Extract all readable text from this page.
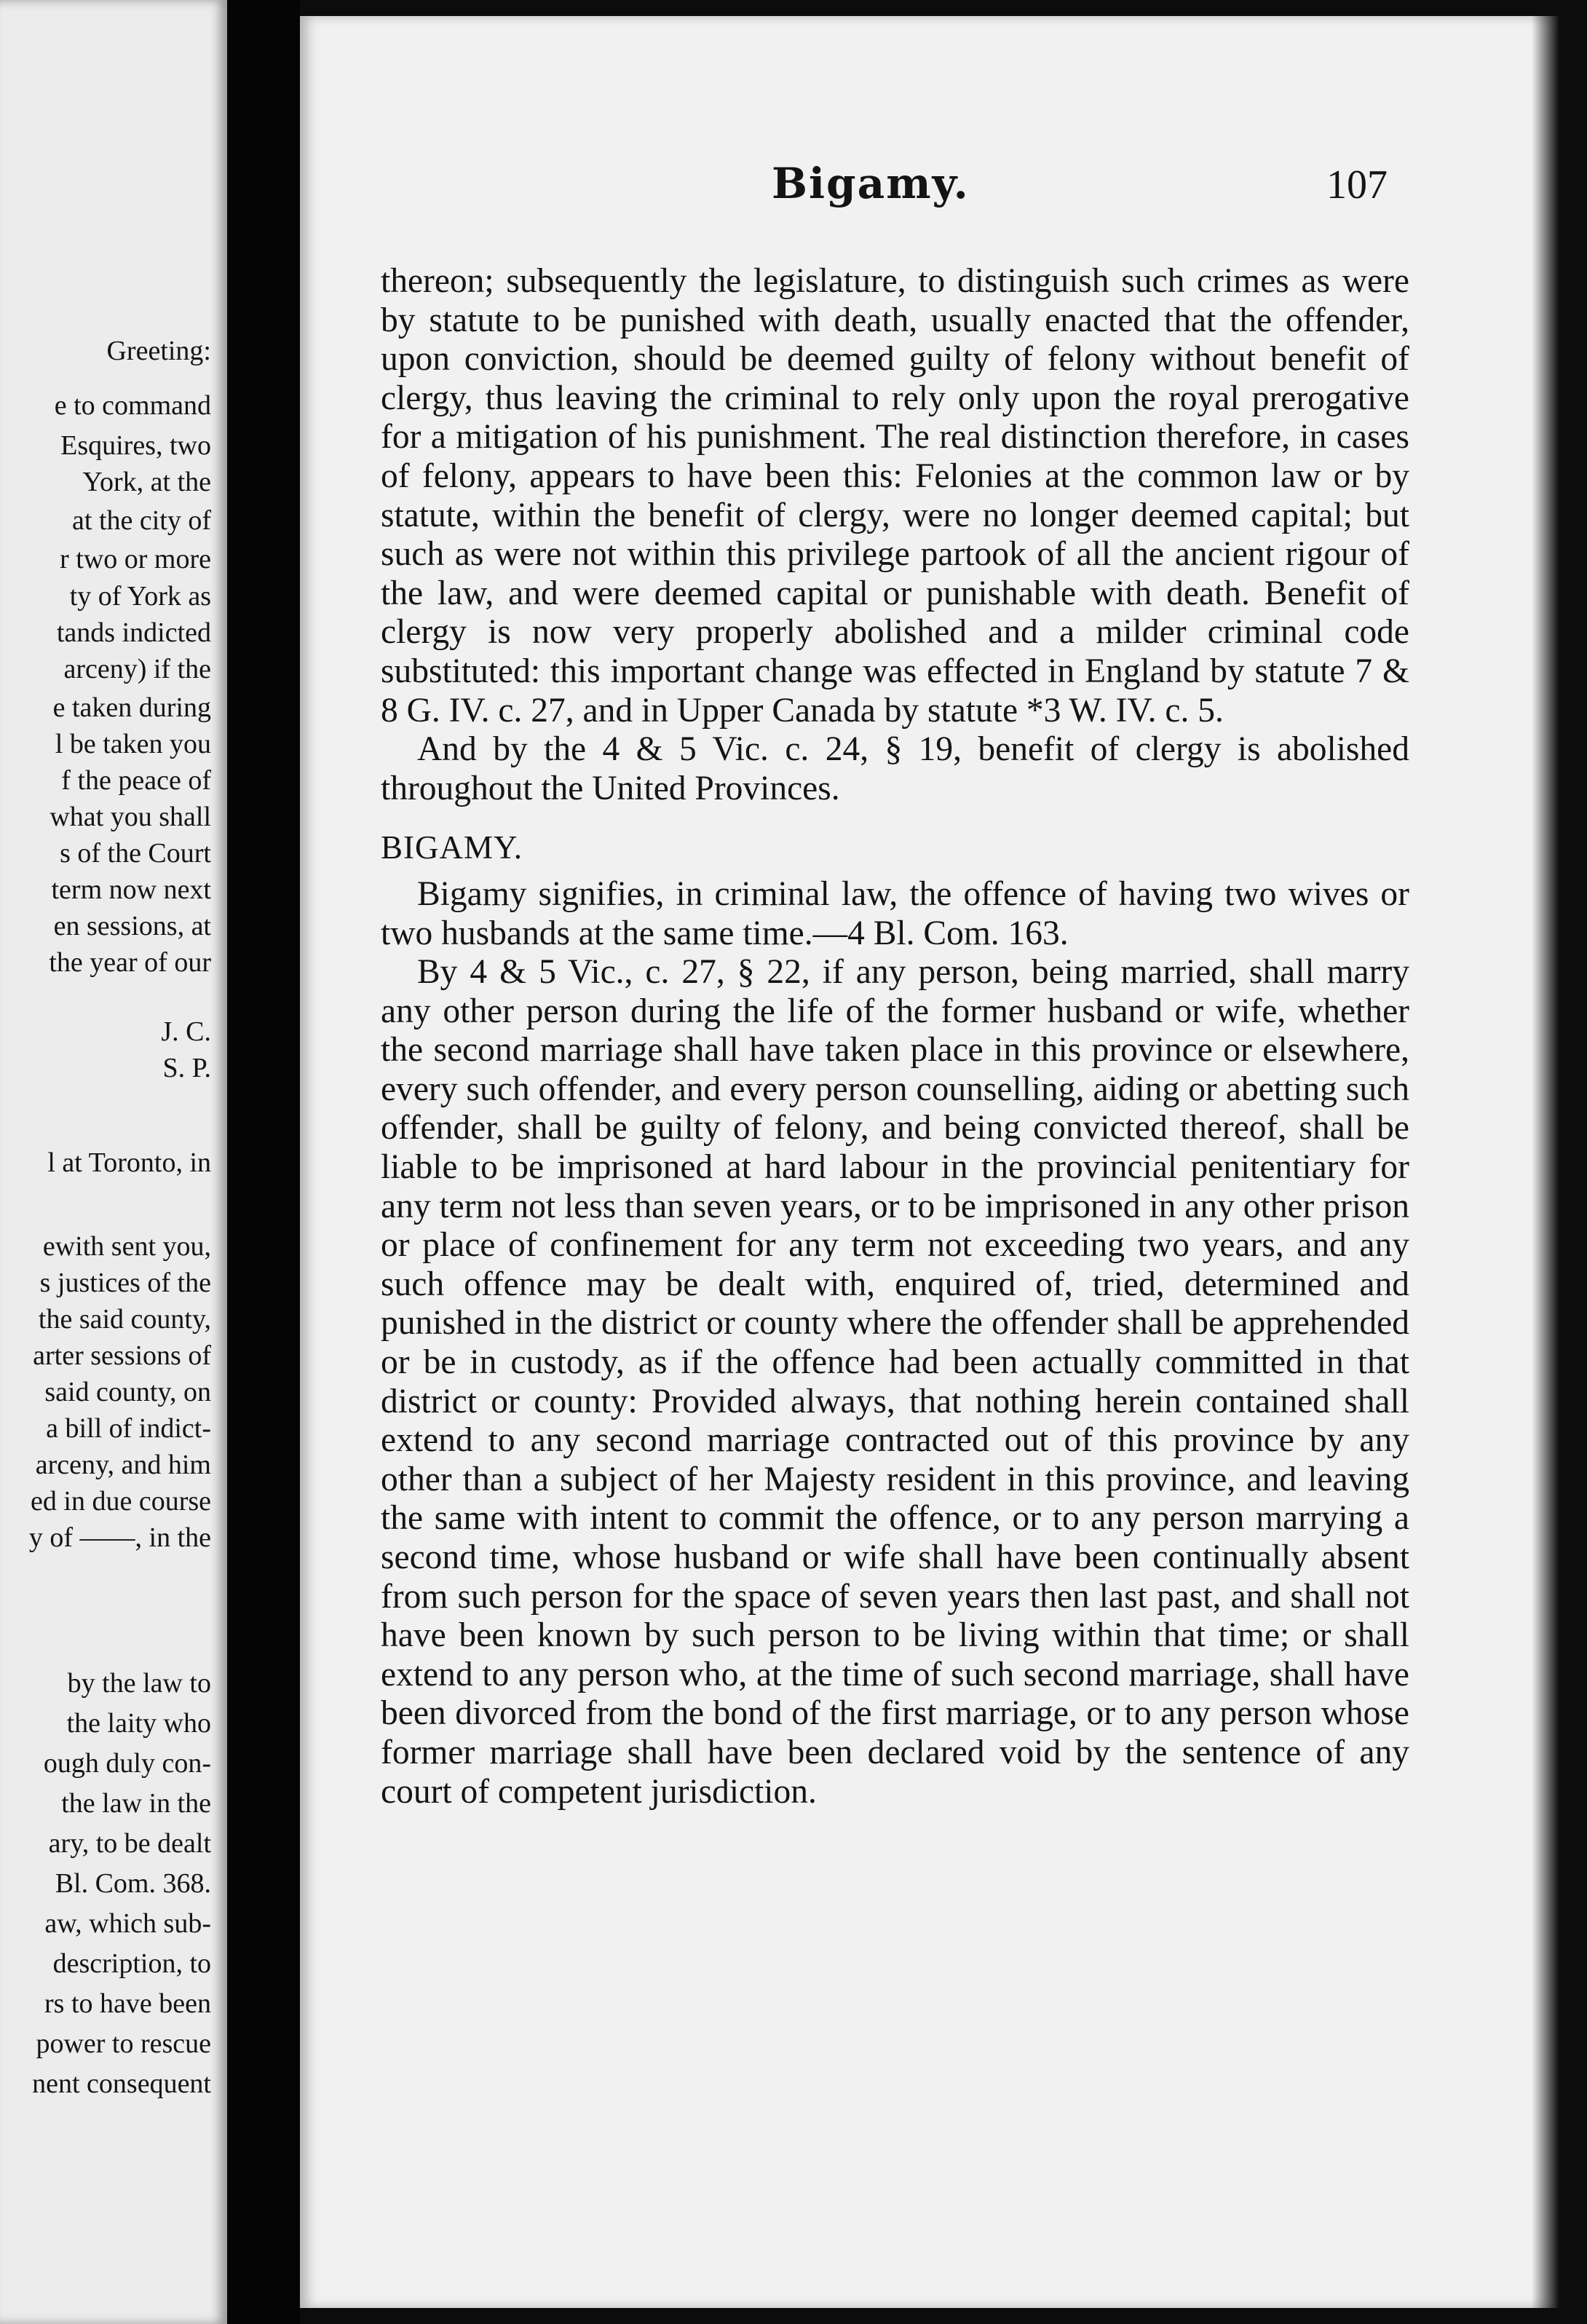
Greeting:
e to command
Esquires, two
York, at the
at the city of
r two or more
ty of York as
tands indicted
arceny) if the
e taken during
l be taken you
f the peace of
what you shall
s of the Court
term now next
en sessions, at
the year of our
J. C.
S. P.
l at Toronto, in
ewith sent you,
s justices of the
the said county,
arter sessions of
said county, on
a bill of indict-
arceny, and him
ed in due course
y of ——, in the
by the law to
the laity who
ough duly con-
the law in the
ary, to be dealt
Bl. Com. 368.
aw, which sub-
description, to
rs to have been
power to rescue
nent consequent
Bigamy.	107

thereon; subsequently the legislature, to distinguish such crimes as were by statute to be punished with death, usually enacted that the offender, upon conviction, should be deemed guilty of felony without benefit of clergy, thus leaving the criminal to rely only upon the royal prerogative for a mitigation of his punishment. The real distinction therefore, in cases of felony, appears to have been this: Felonies at the common law or by statute, within the benefit of clergy, were no longer deemed capital; but such as were not within this privilege partook of all the ancient rigour of the law, and were deemed capital or punishable with death. Benefit of clergy is now very properly abolished and a milder criminal code substituted: this important change was effected in England by statute 7 & 8 G. IV. c. 27, and in Upper Canada by statute *3 W. IV. c. 5.

And by the 4 & 5 Vic. c. 24, § 19, benefit of clergy is abolished throughout the United Provinces.

BIGAMY.

Bigamy signifies, in criminal law, the offence of having two wives or two husbands at the same time.—4 Bl. Com. 163.

By 4 & 5 Vic., c. 27, § 22, if any person, being married, shall marry any other person during the life of the former husband or wife, whether the second marriage shall have taken place in this province or elsewhere, every such offender, and every person counselling, aiding or abetting such offender, shall be guilty of felony, and being convicted thereof, shall be liable to be imprisoned at hard labour in the provincial penitentiary for any term not less than seven years, or to be imprisoned in any other prison or place of confinement for any term not exceeding two years, and any such offence may be dealt with, enquired of, tried, determined and punished in the district or county where the offender shall be apprehended or be in custody, as if the offence had been actually committed in that district or county: Provided always, that nothing herein contained shall extend to any second marriage contracted out of this province by any other than a subject of her Majesty resident in this province, and leaving the same with intent to commit the offence, or to any person marrying a second time, whose husband or wife shall have been continually absent from such person for the space of seven years then last past, and shall not have been known by such person to be living within that time; or shall extend to any person who, at the time of such second marriage, shall have been divorced from the bond of the first marriage, or to any person whose former marriage shall have been declared void by the sentence of any court of competent jurisdiction.
